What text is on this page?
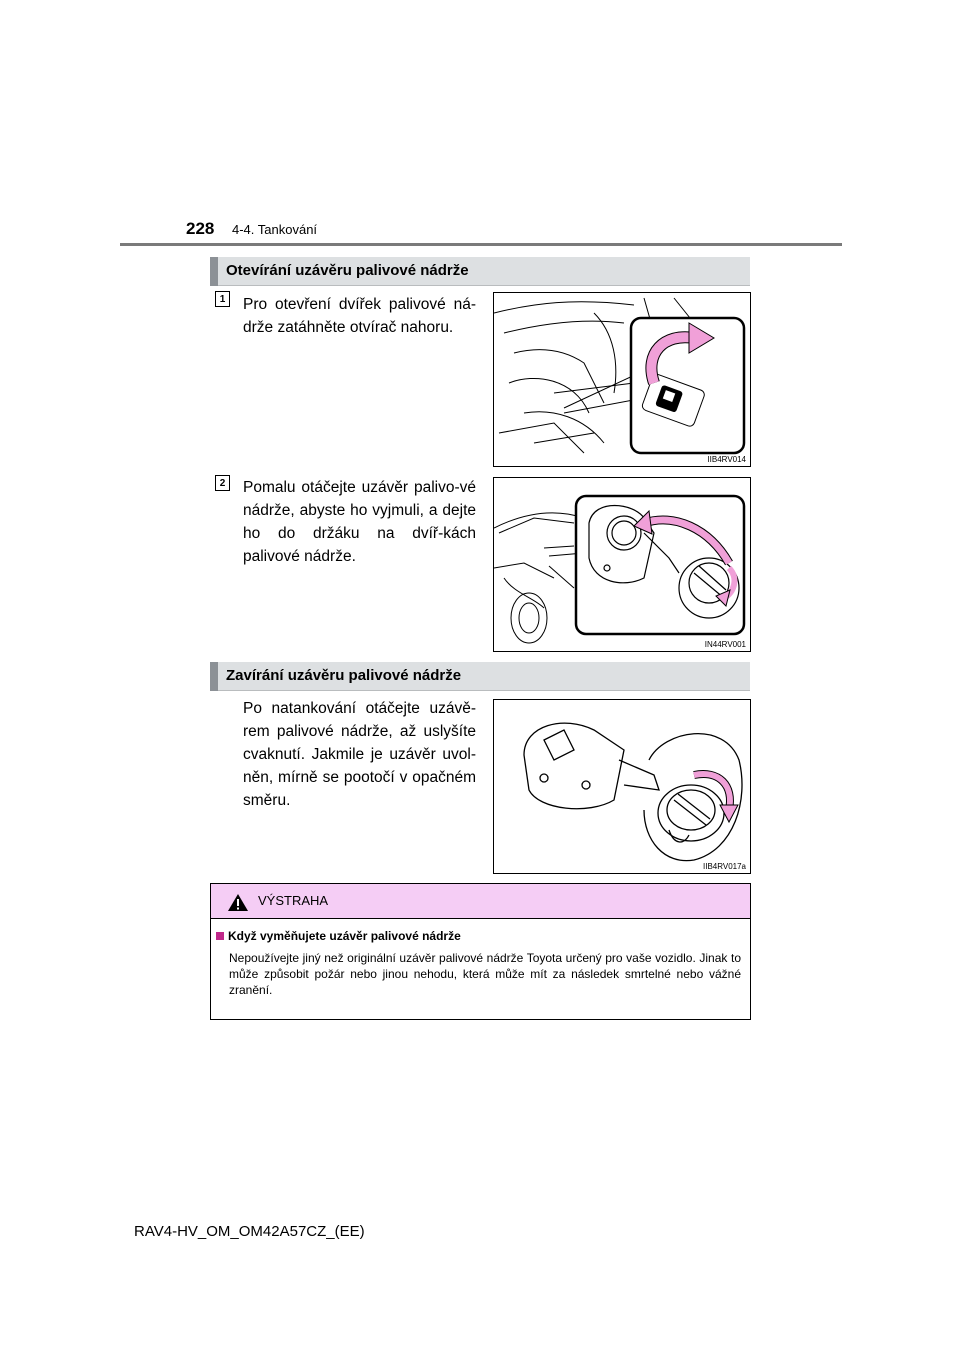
228 4-4. Tankování
Otevírání uzávěru palivové nádrže
1	Pro otevření dvířek palivové ná-drže zatáhněte otvírač nahoru.
IIB4RV014
2	Pomalu otáčejte uzávěr palivo-vé nádrže, abyste ho vyjmuli, a dejte ho do držáku na dvíř-kách palivové nádrže.
IN44RV001
Zavírání uzávěru palivové nádrže
Po natankování otáčejte uzávě-rem palivové nádrže, až uslyšíte cvaknutí. Jakmile je uzávěr uvol-něn, mírně se pootočí v opačném směru.
IIB4RV017a
VÝSTRAHA
Když vyměňujete uzávěr palivové nádrže
Nepoužívejte jiný než originální uzávěr palivové nádrže Toyota určený pro vaše vozidlo. Jinak to může způsobit požár nebo jinou nehodu, která může mít za následek smrtelné nebo vážné zranění.
RAV4-HV_OM_OM42A57CZ_(EE)
